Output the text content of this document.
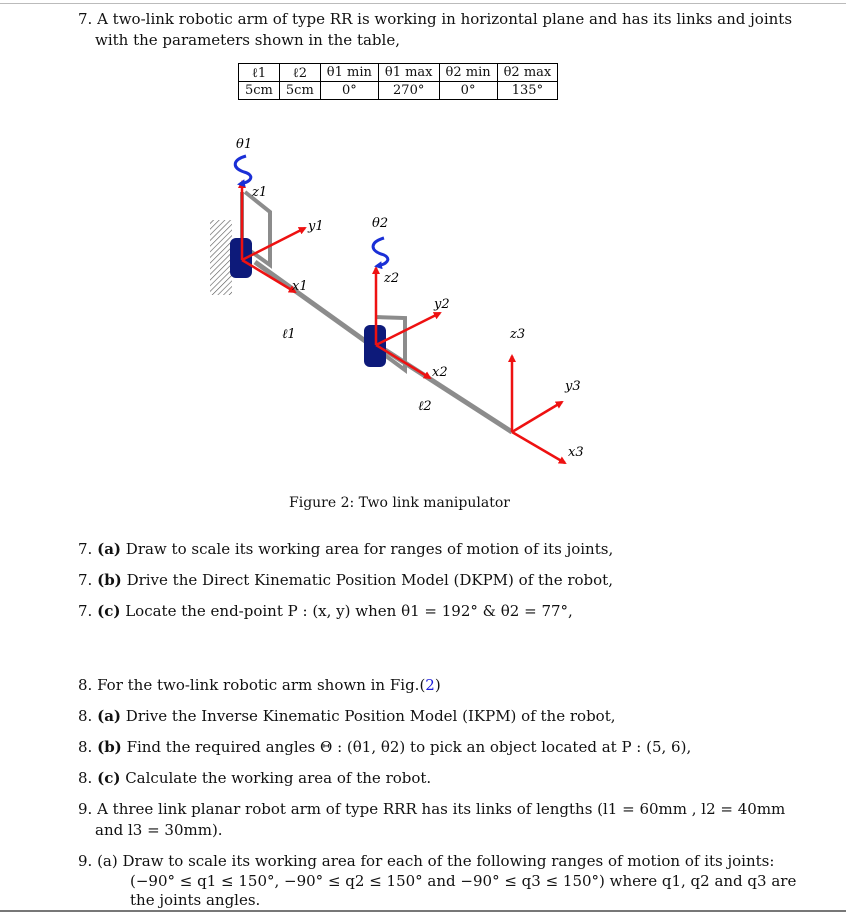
7. A two-link robotic arm of type RR is working in horizontal plane and has its links and joints
with the parameters shown in the table,
ℓ1	ℓ2	θ1 min	θ1 max	θ2 min	θ2 max
5cm	5cm	0°	270°	0°	135°
θ1
z1
y1
x1
ℓ1
θ2
z2
y2
x2
ℓ2
z3
y3
x3
Figure 2: Two link manipulator
7. (a) Draw to scale its working area for ranges of motion of its joints,
7. (b) Drive the Direct Kinematic Position Model (DKPM) of the robot,
7. (c) Locate the end-point P : (x, y) when θ1 = 192° & θ2 = 77°,
8. For the two-link robotic arm shown in Fig.(2)
8. (a) Drive the Inverse Kinematic Position Model (IKPM) of the robot,
8. (b) Find the required angles Θ : (θ1, θ2) to pick an object located at P : (5, 6),
8. (c) Calculate the working area of the robot.
9. A three link planar robot arm of type RRR has its links of lengths (l1 = 60mm , l2 = 40mm
and l3 = 30mm).
9. (a) Draw to scale its working area for each of the following ranges of motion of its joints:
(−90° ≤ q1 ≤ 150°, −90° ≤ q2 ≤ 150° and −90° ≤ q3 ≤ 150°) where q1, q2 and q3 are
the joints angles.
